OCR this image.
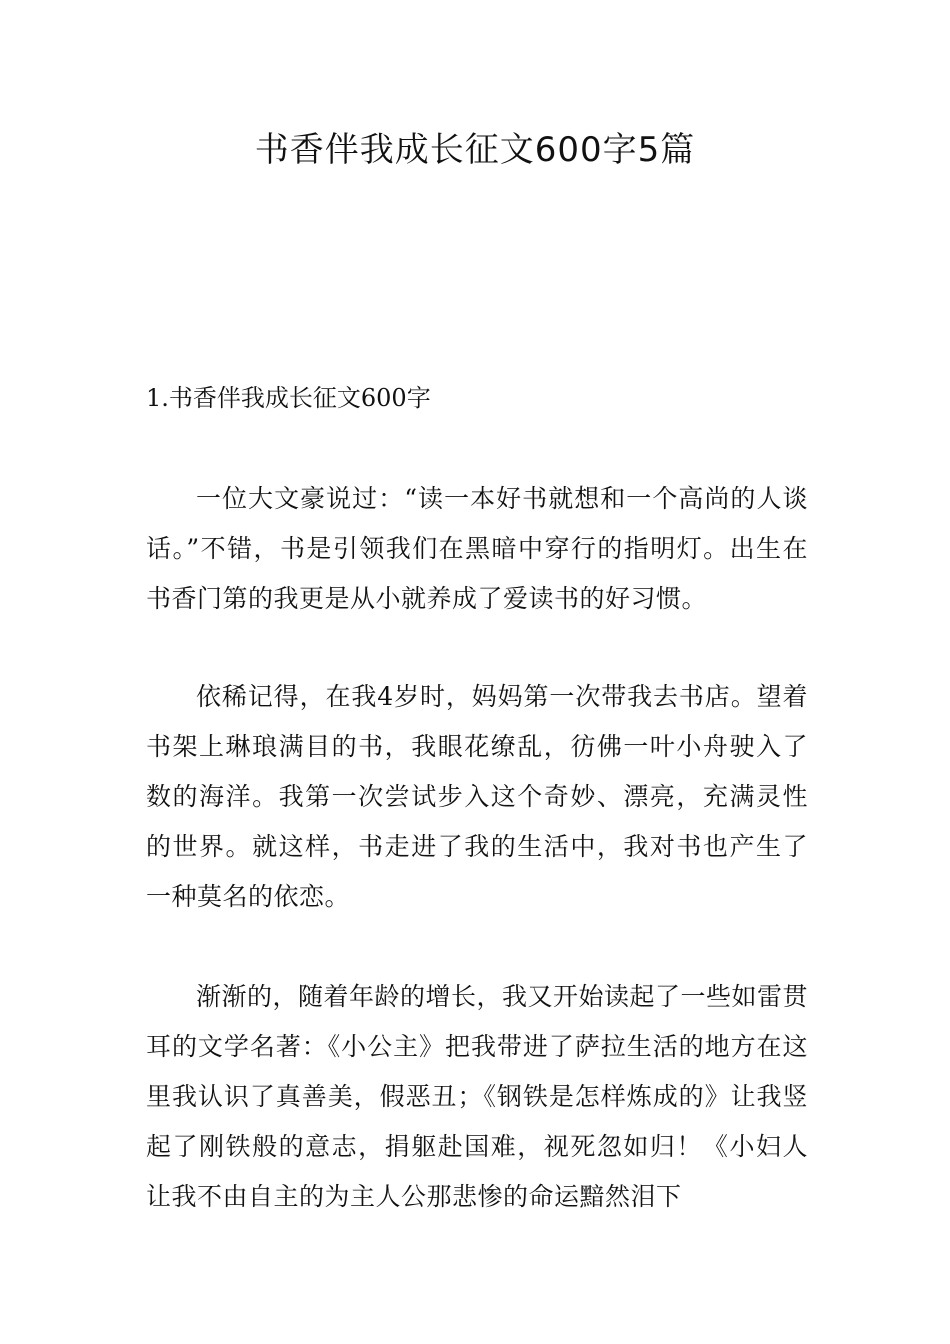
书香伴我成长征文600字5篇
1.书香伴我成长征文600字

一位大文豪说过：“读一本好书就想和一个高尚的人谈话。”不错，书是引领我们在黑暗中穿行的指明灯。出生在书香门第的我更是从小就养成了爱读书的好习惯。

依稀记得，在我4岁时，妈妈第一次带我去书店。望着书架上琳琅满目的书，我眼花缭乱，彷佛一叶小舟驶入了数的海洋。我第一次尝试步入这个奇妙、漂亮，充满灵性的世界。就这样，书走进了我的生活中，我对书也产生了一种莫名的依恋。

渐渐的，随着年龄的增长，我又开始读起了一些如雷贯耳的文学名著：《小公主》把我带进了萨拉生活的地方在这里我认识了真善美，假恶丑；《钢铁是怎样炼成的》让我竖起了刚铁般的意志，捐躯赴国难，视死忽如归！《小妇人让我不由自主的为主人公那悲惨的命运黯然泪下
